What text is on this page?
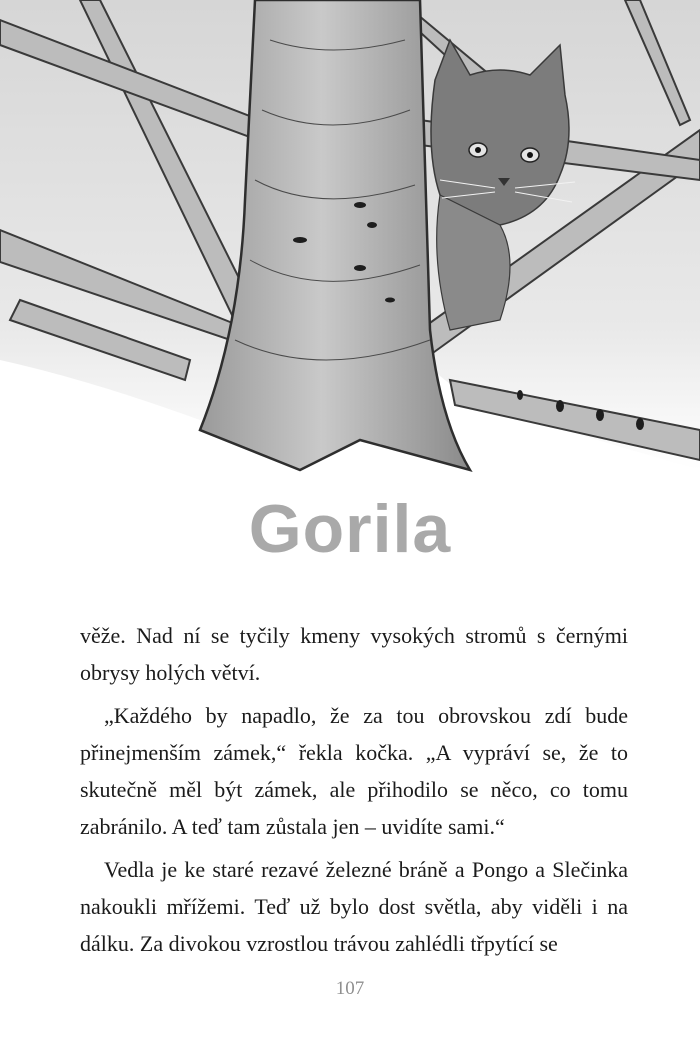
Gorila

věže. Nad ní se tyčily kmeny vysokých stromů s černými obrysy holých větví.

„Každého by napadlo, že za tou obrovskou zdí bude přinejmenším zámek,“ řekla kočka. „A vypráví se, že to skutečně měl být zámek, ale přihodilo se něco, co tomu zabránilo. A teď tam zůstala jen – uvidíte sami.“

Vedla je ke staré rezavé železné bráně a Pongo a Slečinka nakoukli mřížemi. Teď už bylo dost světla, aby viděli i na dálku. Za divokou vzrostlou trávou zahlédli třpytící se

107
